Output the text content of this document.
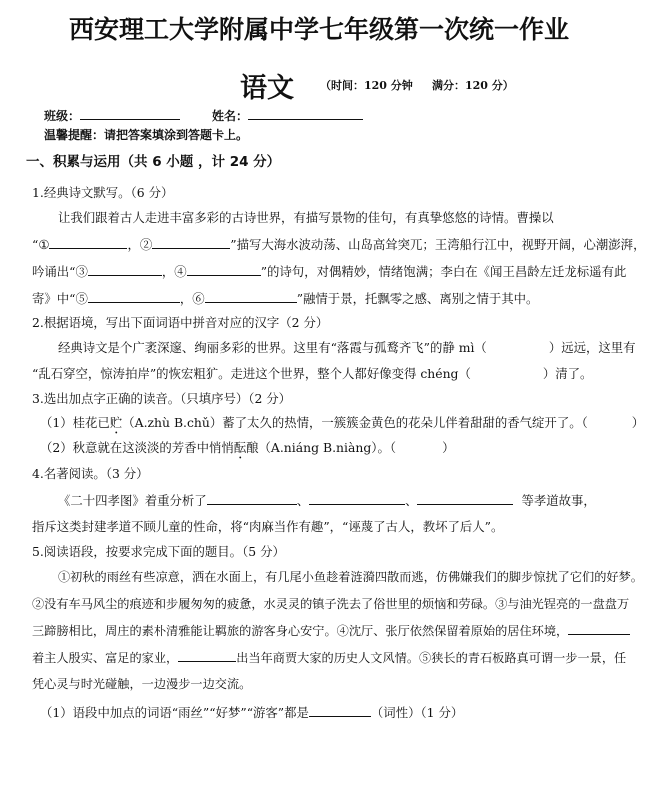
西安理工大学附属中学七年级第一次统一作业
语文 （时间：120 分钟 满分：120 分）
班级：	姓名：
温馨提醒：请把答案填涂到答题卡上。
一、积累与运用（共 6 小题 ，计 24 分）
1.经典诗文默写。（6 分）
让我们跟着古人走进丰富多彩的古诗世界，有描写景物的佳句，有真挚悠悠的诗情。曹操以
“①	，②	”描写大海水波动荡、山岛高耸突兀；王湾船行江中，视野开阔，心潮澎湃，
吟诵出“③	，④	”的诗句，对偶精妙，情绪饱满；李白在《闻王昌龄左迁龙标遥有此
寄》中“⑤	，⑥	”融情于景，托飘零之感、离别之情于其中。
2.根据语境，写出下面词语中拼音对应的汉字（2 分）
经典诗文是个广袤深邃、绚丽多彩的世界。这里有“落霞与孤鹜齐飞”的静 mì（	）远远，这里有
“乱石穿空，惊涛拍岸”的恢宏粗犷。走进这个世界，整个人都好像变得 chéng（	）清了。
3.选出加点字正确的读音。（只填序号）（2 分）
（1）桂花已贮（A.zhù B.chǔ）蓄了太久的热情，一簇簇金黄色的花朵儿伴着甜甜的香气绽开了。（	）
（2）秋意就在这淡淡的芳香中悄悄酝酿（A.niáng B.niàng）。（	）
4.名著阅读。（3 分）
《二十四孝图》着重分析了	、	、	等孝道故事，
指斥这类封建孝道不顾儿童的性命，将“肉麻当作有趣”，“诬蔑了古人，教坏了后人”。
5.阅读语段，按要求完成下面的题目。（5 分）
①初秋的雨丝有些凉意，洒在水面上，有几尾小鱼趁着涟漪四散而逃，仿佛嫌我们的脚步惊扰了它们的好梦。
②没有车马风尘的痕迹和步履匆匆的疲惫，水灵灵的镇子洗去了俗世里的烦恼和劳碌。③与油光锃亮的一盘盘万
三蹄膀相比，周庄的素朴清雅能让羁旅的游客身心安宁。④沈厅、张厅依然保留着原始的居住环境，
着主人殷实、富足的家业，	出当年商贾大家的历史人文风情。⑤狭长的青石板路真可谓一步一景，任
凭心灵与时光碰触，一边漫步一边交流。
（1）语段中加点的词语“雨丝”“好梦”“游客”都是	（词性）（1 分）
